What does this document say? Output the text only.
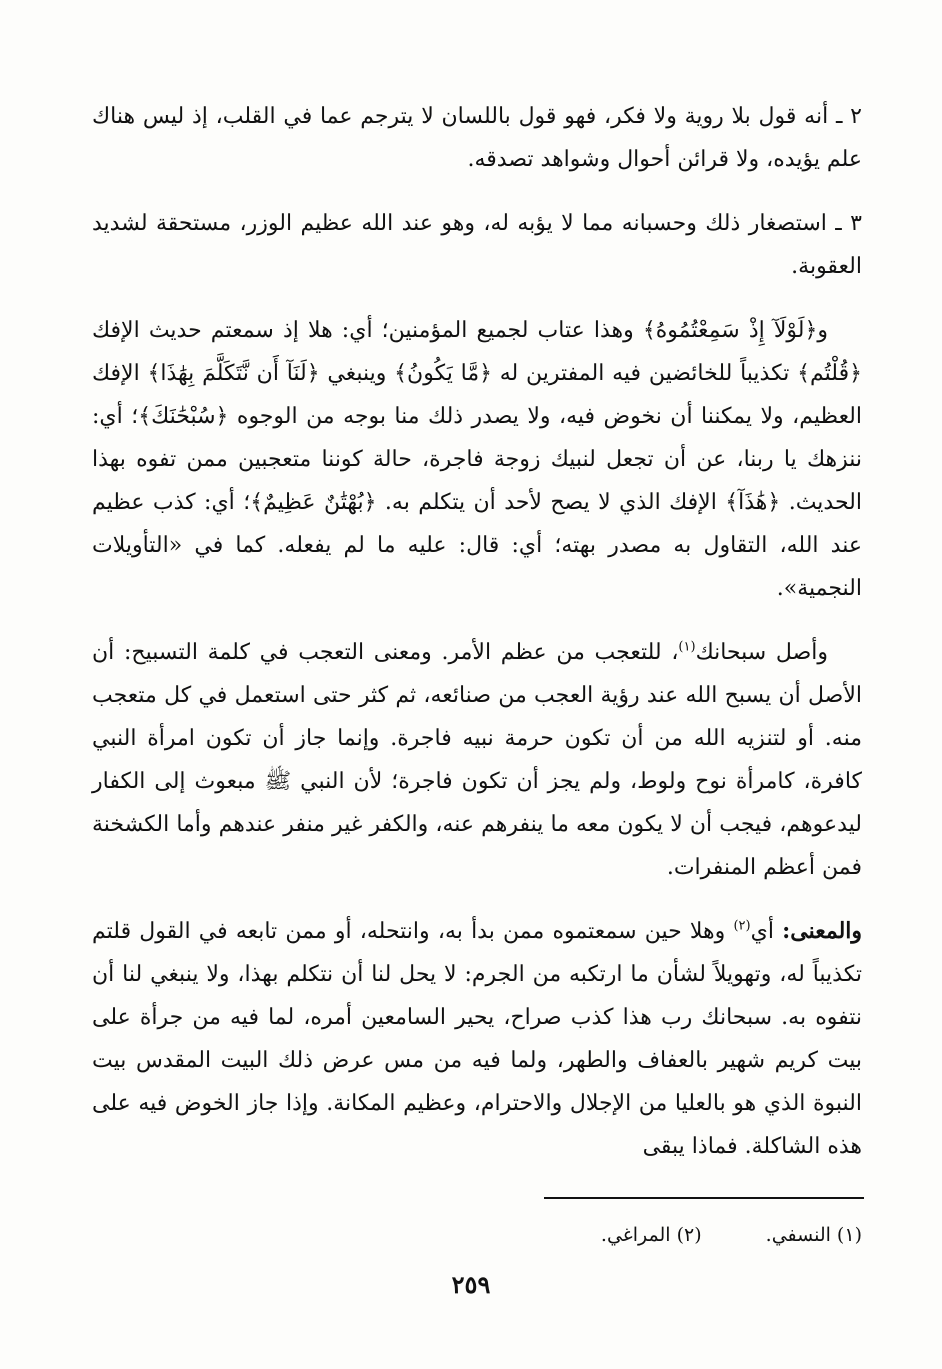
٢ ـ أنه قول بلا روية ولا فكر، فهو قول باللسان لا يترجم عما في القلب، إذ ليس هناك علم يؤيده، ولا قرائن أحوال وشواهد تصدقه.

٣ ـ استصغار ذلك وحسبانه مما لا يؤبه له، وهو عند الله عظيم الوزر، مستحقة لشديد العقوبة.

و﴿لَوْلَآ إِذْ سَمِعْتُمُوهُ﴾ وهذا عتاب لجميع المؤمنين؛ أي: هلا إذ سمعتم حديث الإفك ﴿قُلْتُم﴾ تكذيباً للخائضين فيه المفترين له ﴿مَّا يَكُونُ﴾ وينبغي ﴿لَنَآ أَن نَّتَكَلَّمَ بِهَٰذَا﴾ الإفك العظيم، ولا يمكننا أن نخوض فيه، ولا يصدر ذلك منا بوجه من الوجوه ﴿سُبْحَٰنَكَ﴾؛ أي: ننزهك يا ربنا، عن أن تجعل لنبيك زوجة فاجرة، حالة كوننا متعجبين ممن تفوه بهذا الحديث. ﴿هَٰذَآ﴾ الإفك الذي لا يصح لأحد أن يتكلم به. ﴿بُهْتَٰنٌ عَظِيمٌ﴾؛ أي: كذب عظيم عند الله، التقاول به مصدر بهته؛ أي: قال: عليه ما لم يفعله. كما في «التأويلات النجمية».

وأصل سبحانك$^{(١)}$، للتعجب من عظم الأمر. ومعنى التعجب في كلمة التسبيح: أن الأصل أن يسبح الله عند رؤية العجب من صنائعه، ثم كثر حتى استعمل في كل متعجب منه. أو لتنزيه الله من أن تكون حرمة نبيه فاجرة. وإنما جاز أن تكون امرأة النبي كافرة، كامرأة نوح ولوط، ولم يجز أن تكون فاجرة؛ لأن النبي ﷺ مبعوث إلى الكفار ليدعوهم، فيجب أن لا يكون معه ما ينفرهم عنه، والكفر غير منفر عندهم وأما الكشخنة فمن أعظم المنفرات.

والمعنى: أي$^{(٢)}$ وهلا حين سمعتموه ممن بدأ به، وانتحله، أو ممن تابعه في القول قلتم تكذيباً له، وتهويلاً لشأن ما ارتكبه من الجرم: لا يحل لنا أن نتكلم بهذا، ولا ينبغي لنا أن نتفوه به. سبحانك رب هذا كذب صراح، يحير السامعين أمره، لما فيه من جرأة على بيت كريم شهير بالعفاف والطهر، ولما فيه من مس عرض ذلك البيت المقدس بيت النبوة الذي هو بالعليا من الإجلال والاحترام، وعظيم المكانة. وإذا جاز الخوض فيه على هذه الشاكلة. فماذا يبقى

(١) النسفي.
(٢) المراغي.
٢٥٩
